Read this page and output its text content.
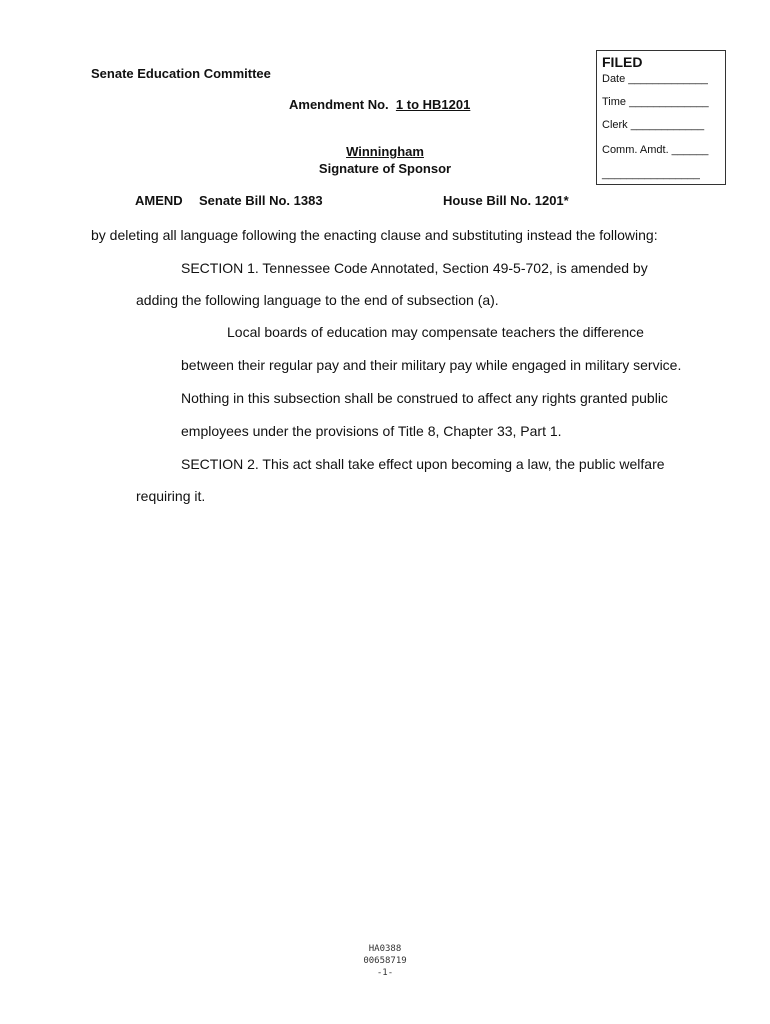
FILED
Date _____________
Time _____________
Clerk ____________
Comm. Amdt. ______
________________
Senate Education Committee
Amendment No. 1 to HB1201
Winningham
Signature of Sponsor
AMEND Senate Bill No. 1383	House Bill No. 1201*
by deleting all language following the enacting clause and substituting instead the following:
SECTION 1. Tennessee Code Annotated, Section 49-5-702, is amended by
adding the following language to the end of subsection (a).
Local boards of education may compensate teachers the difference
between their regular pay and their military pay while engaged in military service.
Nothing in this subsection shall be construed to affect any rights granted public
employees under the provisions of Title 8, Chapter 33, Part 1.
SECTION 2. This act shall take effect upon becoming a law, the public welfare
requiring it.
HA0388
00658719
-1-
